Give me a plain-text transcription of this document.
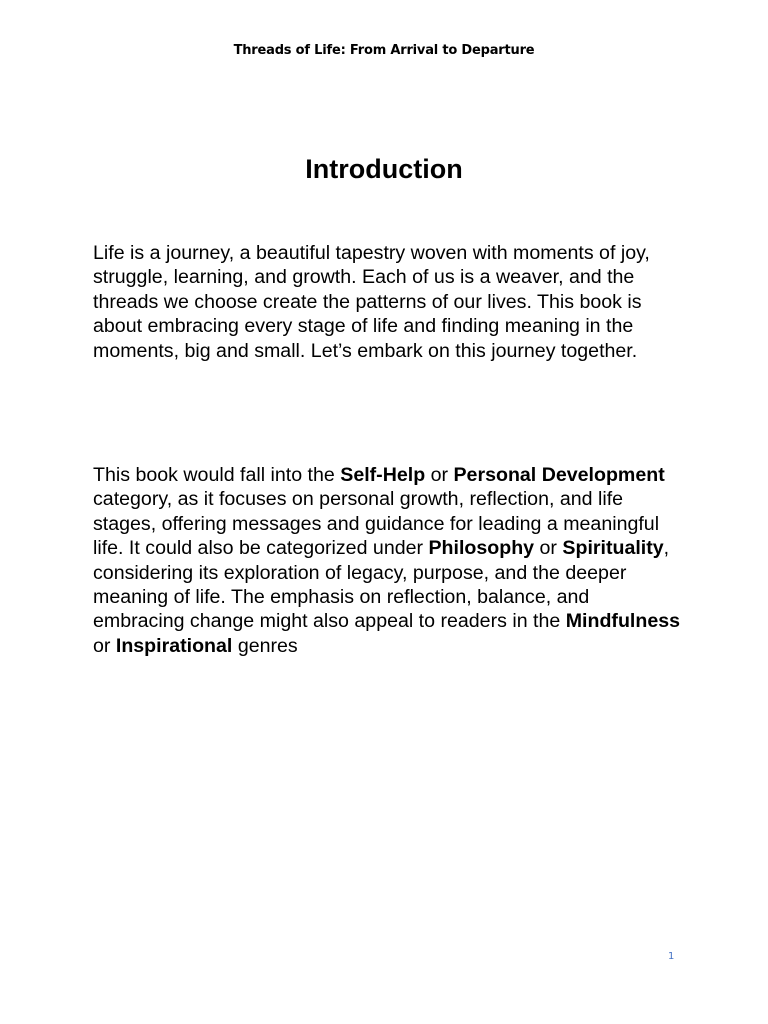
Threads of Life: From Arrival to Departure
Introduction

Life is a journey, a beautiful tapestry woven with moments of joy, struggle, learning, and growth. Each of us is a weaver, and the threads we choose create the patterns of our lives. This book is about embracing every stage of life and finding meaning in the moments, big and small. Let’s embark on this journey together.

This book would fall into the Self-Help or Personal Development category, as it focuses on personal growth, reflection, and life stages, offering messages and guidance for leading a meaningful life. It could also be categorized under Philosophy or Spirituality, considering its exploration of legacy, purpose, and the deeper meaning of life. The emphasis on reflection, balance, and embracing change might also appeal to readers in the Mindfulness or Inspirational genres

1
